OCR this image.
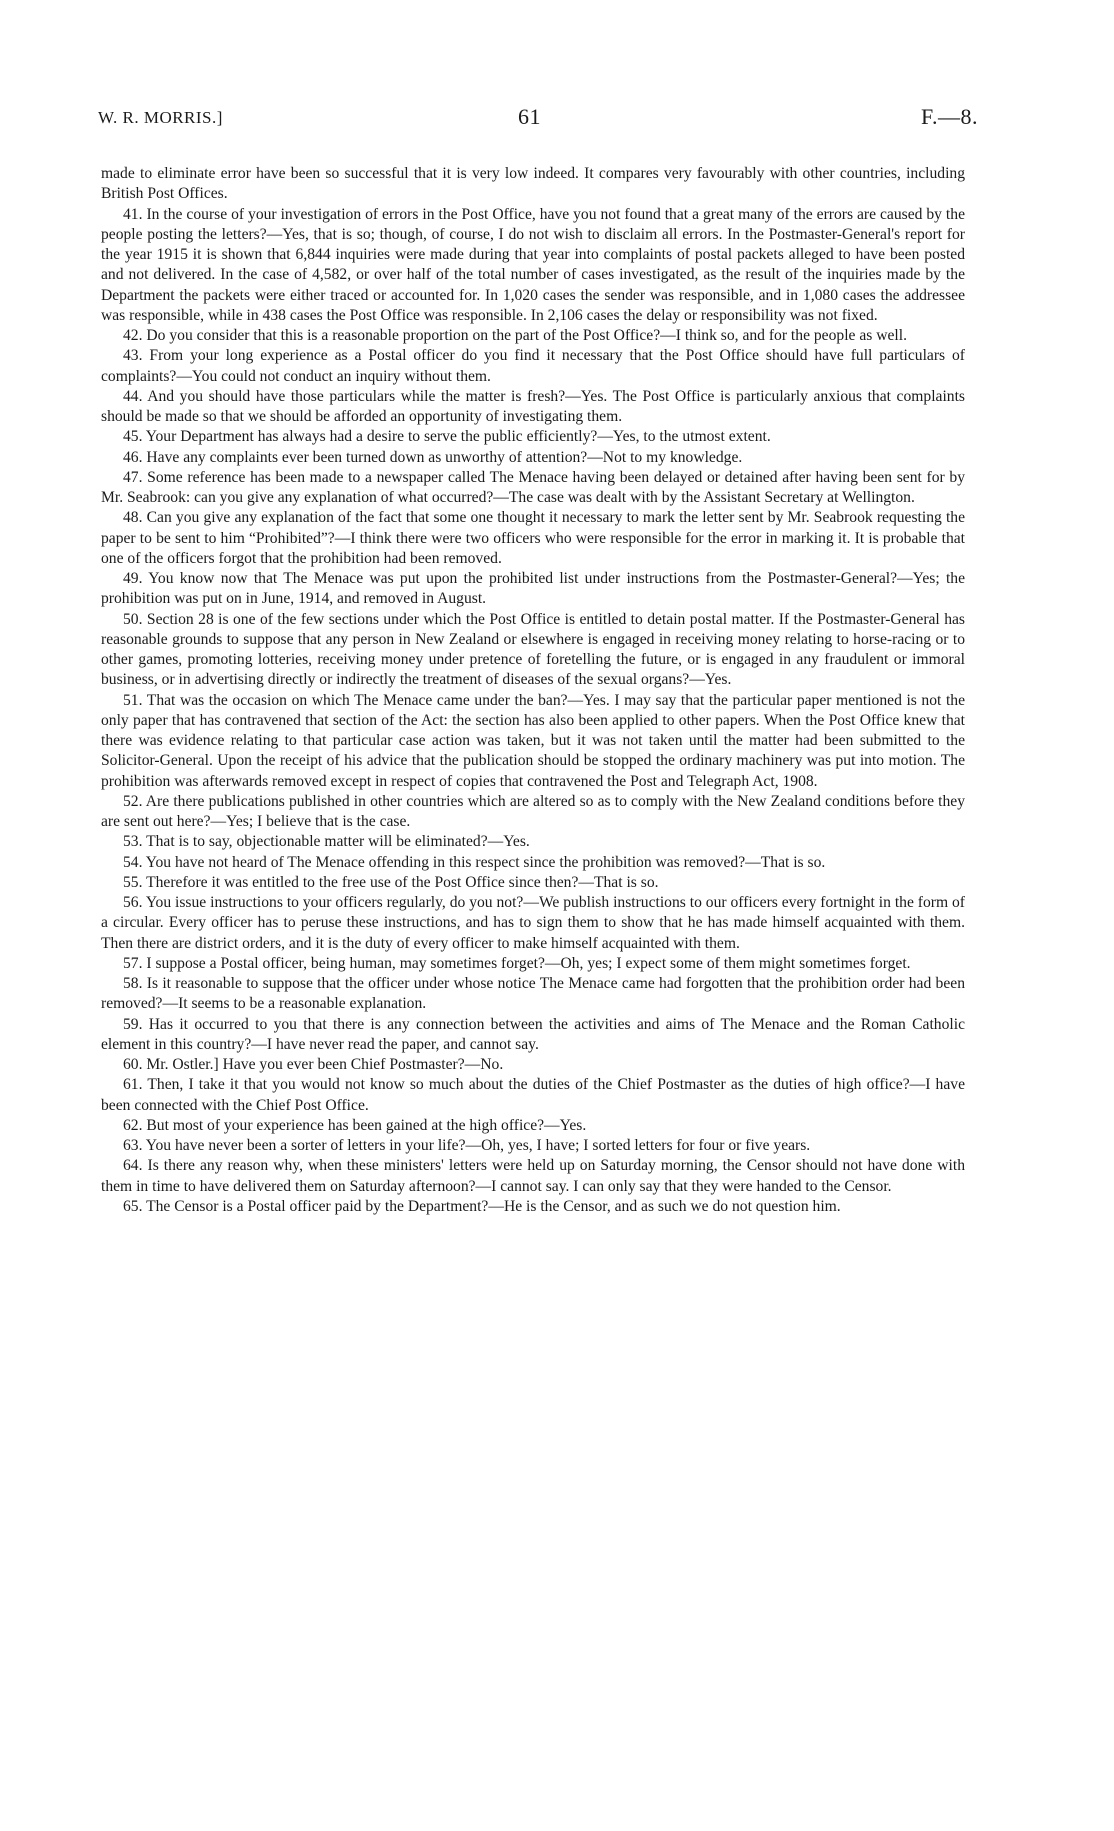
W. R. MORRIS.]	61	F.—8.

made to eliminate error have been so successful that it is very low indeed. It compares very favourably with other countries, including British Post Offices.

41. In the course of your investigation of errors in the Post Office, have you not found that a great many of the errors are caused by the people posting the letters?—Yes, that is so; though, of course, I do not wish to disclaim all errors. In the Postmaster-General's report for the year 1915 it is shown that 6,844 inquiries were made during that year into complaints of postal packets alleged to have been posted and not delivered. In the case of 4,582, or over half of the total number of cases investigated, as the result of the inquiries made by the Department the packets were either traced or accounted for. In 1,020 cases the sender was responsible, and in 1,080 cases the addressee was responsible, while in 438 cases the Post Office was responsible. In 2,106 cases the delay or responsibility was not fixed.

42. Do you consider that this is a reasonable proportion on the part of the Post Office?—I think so, and for the people as well.

43. From your long experience as a Postal officer do you find it necessary that the Post Office should have full particulars of complaints?—You could not conduct an inquiry without them.

44. And you should have those particulars while the matter is fresh?—Yes. The Post Office is particularly anxious that complaints should be made so that we should be afforded an opportunity of investigating them.

45. Your Department has always had a desire to serve the public efficiently?—Yes, to the utmost extent.

46. Have any complaints ever been turned down as unworthy of attention?—Not to my knowledge.

47. Some reference has been made to a newspaper called The Menace having been delayed or detained after having been sent for by Mr. Seabrook: can you give any explanation of what occurred?—The case was dealt with by the Assistant Secretary at Wellington.

48. Can you give any explanation of the fact that some one thought it necessary to mark the letter sent by Mr. Seabrook requesting the paper to be sent to him “Prohibited”?—I think there were two officers who were responsible for the error in marking it. It is probable that one of the officers forgot that the prohibition had been removed.

49. You know now that The Menace was put upon the prohibited list under instructions from the Postmaster-General?—Yes; the prohibition was put on in June, 1914, and removed in August.

50. Section 28 is one of the few sections under which the Post Office is entitled to detain postal matter. If the Postmaster-General has reasonable grounds to suppose that any person in New Zealand or elsewhere is engaged in receiving money relating to horse-racing or to other games, promoting lotteries, receiving money under pretence of foretelling the future, or is engaged in any fraudulent or immoral business, or in advertising directly or indirectly the treatment of diseases of the sexual organs?—Yes.

51. That was the occasion on which The Menace came under the ban?—Yes. I may say that the particular paper mentioned is not the only paper that has contravened that section of the Act: the section has also been applied to other papers. When the Post Office knew that there was evidence relating to that particular case action was taken, but it was not taken until the matter had been submitted to the Solicitor-General. Upon the receipt of his advice that the publication should be stopped the ordinary machinery was put into motion. The prohibition was afterwards removed except in respect of copies that contravened the Post and Telegraph Act, 1908.

52. Are there publications published in other countries which are altered so as to comply with the New Zealand conditions before they are sent out here?—Yes; I believe that is the case.

53. That is to say, objectionable matter will be eliminated?—Yes.

54. You have not heard of The Menace offending in this respect since the prohibition was removed?—That is so.

55. Therefore it was entitled to the free use of the Post Office since then?—That is so.

56. You issue instructions to your officers regularly, do you not?—We publish instructions to our officers every fortnight in the form of a circular. Every officer has to peruse these instructions, and has to sign them to show that he has made himself acquainted with them. Then there are district orders, and it is the duty of every officer to make himself acquainted with them.

57. I suppose a Postal officer, being human, may sometimes forget?—Oh, yes; I expect some of them might sometimes forget.

58. Is it reasonable to suppose that the officer under whose notice The Menace came had forgotten that the prohibition order had been removed?—It seems to be a reasonable explanation.

59. Has it occurred to you that there is any connection between the activities and aims of The Menace and the Roman Catholic element in this country?—I have never read the paper, and cannot say.

60. Mr. Ostler.] Have you ever been Chief Postmaster?—No.

61. Then, I take it that you would not know so much about the duties of the Chief Postmaster as the duties of high office?—I have been connected with the Chief Post Office.

62. But most of your experience has been gained at the high office?—Yes.

63. You have never been a sorter of letters in your life?—Oh, yes, I have; I sorted letters for four or five years.

64. Is there any reason why, when these ministers' letters were held up on Saturday morning, the Censor should not have done with them in time to have delivered them on Saturday afternoon?—I cannot say. I can only say that they were handed to the Censor.

65. The Censor is a Postal officer paid by the Department?—He is the Censor, and as such we do not question him.
